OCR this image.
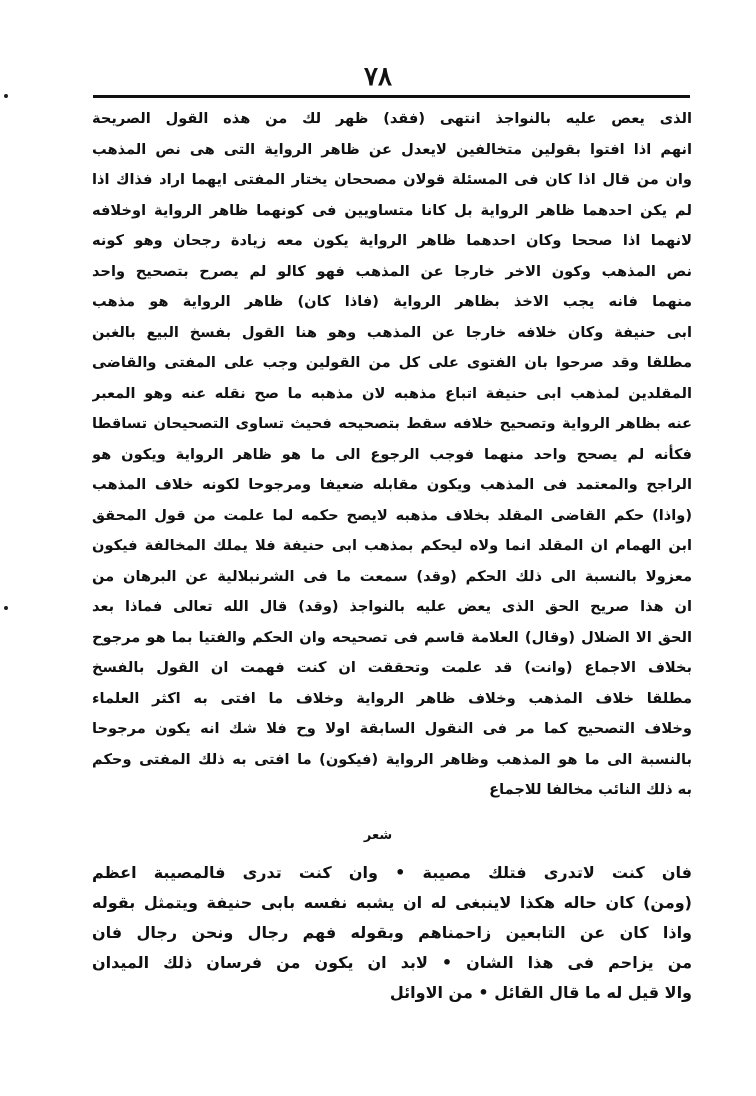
٧٨
الذى يعص عليه بالنواجذ انتهى (فقد) ظهر لك من هذه القول الصريحة
انهم اذا افتوا بقولين متخالفين لايعدل عن ظاهر الرواية التى هى نص المذهب
وان من قال اذا كان فى المسئلة قولان مصححان يختار المفتى ايهما اراد فذاك اذا
لم يكن احدهما ظاهر الرواية بل كانا متساويين فى كونهما ظاهر الرواية اوخلافه
لانهما اذا صححا وكان احدهما ظاهر الرواية يكون معه زيادة رجحان وهو كونه
نص المذهب وكون الاخر خارجا عن المذهب فهو كالو لم يصرح بتصحيح واحد
منهما فانه يجب الاخذ بظاهر الرواية (فاذا كان) ظاهر الرواية هو مذهب
ابى حنيفة وكان خلافه خارجا عن المذهب وهو هنا القول بفسخ البيع بالغبن
مطلقا وقد صرحوا بان الفتوى على كل من القولين وجب على المفتى والقاضى
المقلدين لمذهب ابى حنيفة اتباع مذهبه لان مذهبه ما صح نقله عنه وهو المعبر
عنه بظاهر الرواية وتصحيح خلافه سقط بتصحيحه فحيث تساوى التصحيحان تساقطا
فكأنه لم يصحح واحد منهما فوجب الرجوع الى ما هو ظاهر الرواية ويكون هو
الراجح والمعتمد فى المذهب ويكون مقابله ضعيفا ومرجوحا لكونه خلاف المذهب
(واذا) حكم القاضى المقلد بخلاف مذهبه لايصح حكمه لما علمت من قول المحقق
ابن الهمام ان المقلد انما ولاه ليحكم بمذهب ابى حنيفة فلا يملك المخالفة فيكون
معزولا بالنسبة الى ذلك الحكم (وقد) سمعت ما فى الشرنبلالية عن البرهان من
ان هذا صريح الحق الذى يعض عليه بالنواجذ (وقد) قال الله تعالى فماذا بعد
الحق الا الضلال (وقال) العلامة قاسم فى تصحيحه وان الحكم والفتيا بما هو مرجوح
بخلاف الاجماع (وانت) قد علمت وتحققت ان كنت فهمت ان القول بالفسخ
مطلقا خلاف المذهب وخلاف ظاهر الرواية وخلاف ما افتى به اكثر العلماء
وخلاف التصحيح كما مر فى النقول السابقة اولا وح فلا شك انه يكون مرجوحا
بالنسبة الى ما هو المذهب وظاهر الرواية (فيكون) ما افتى به ذلك المفتى وحكم
به ذلك النائب مخالفا للاجماع
شعر
فان كنت لاتدرى فتلك مصيبة • وان كنت تدرى فالمصيبة اعظم
(ومن) كان حاله هكذا لاينبغى له ان يشبه نفسه بابى حنيفة ويتمثل بقوله
واذا كان عن التابعين زاحمناهم وبقوله فهم رجال ونحن رجال فان
من يزاحم فى هذا الشان • لابد ان يكون من فرسان ذلك الميدان
والا قيل له ما قال القائل • من الاوائل
